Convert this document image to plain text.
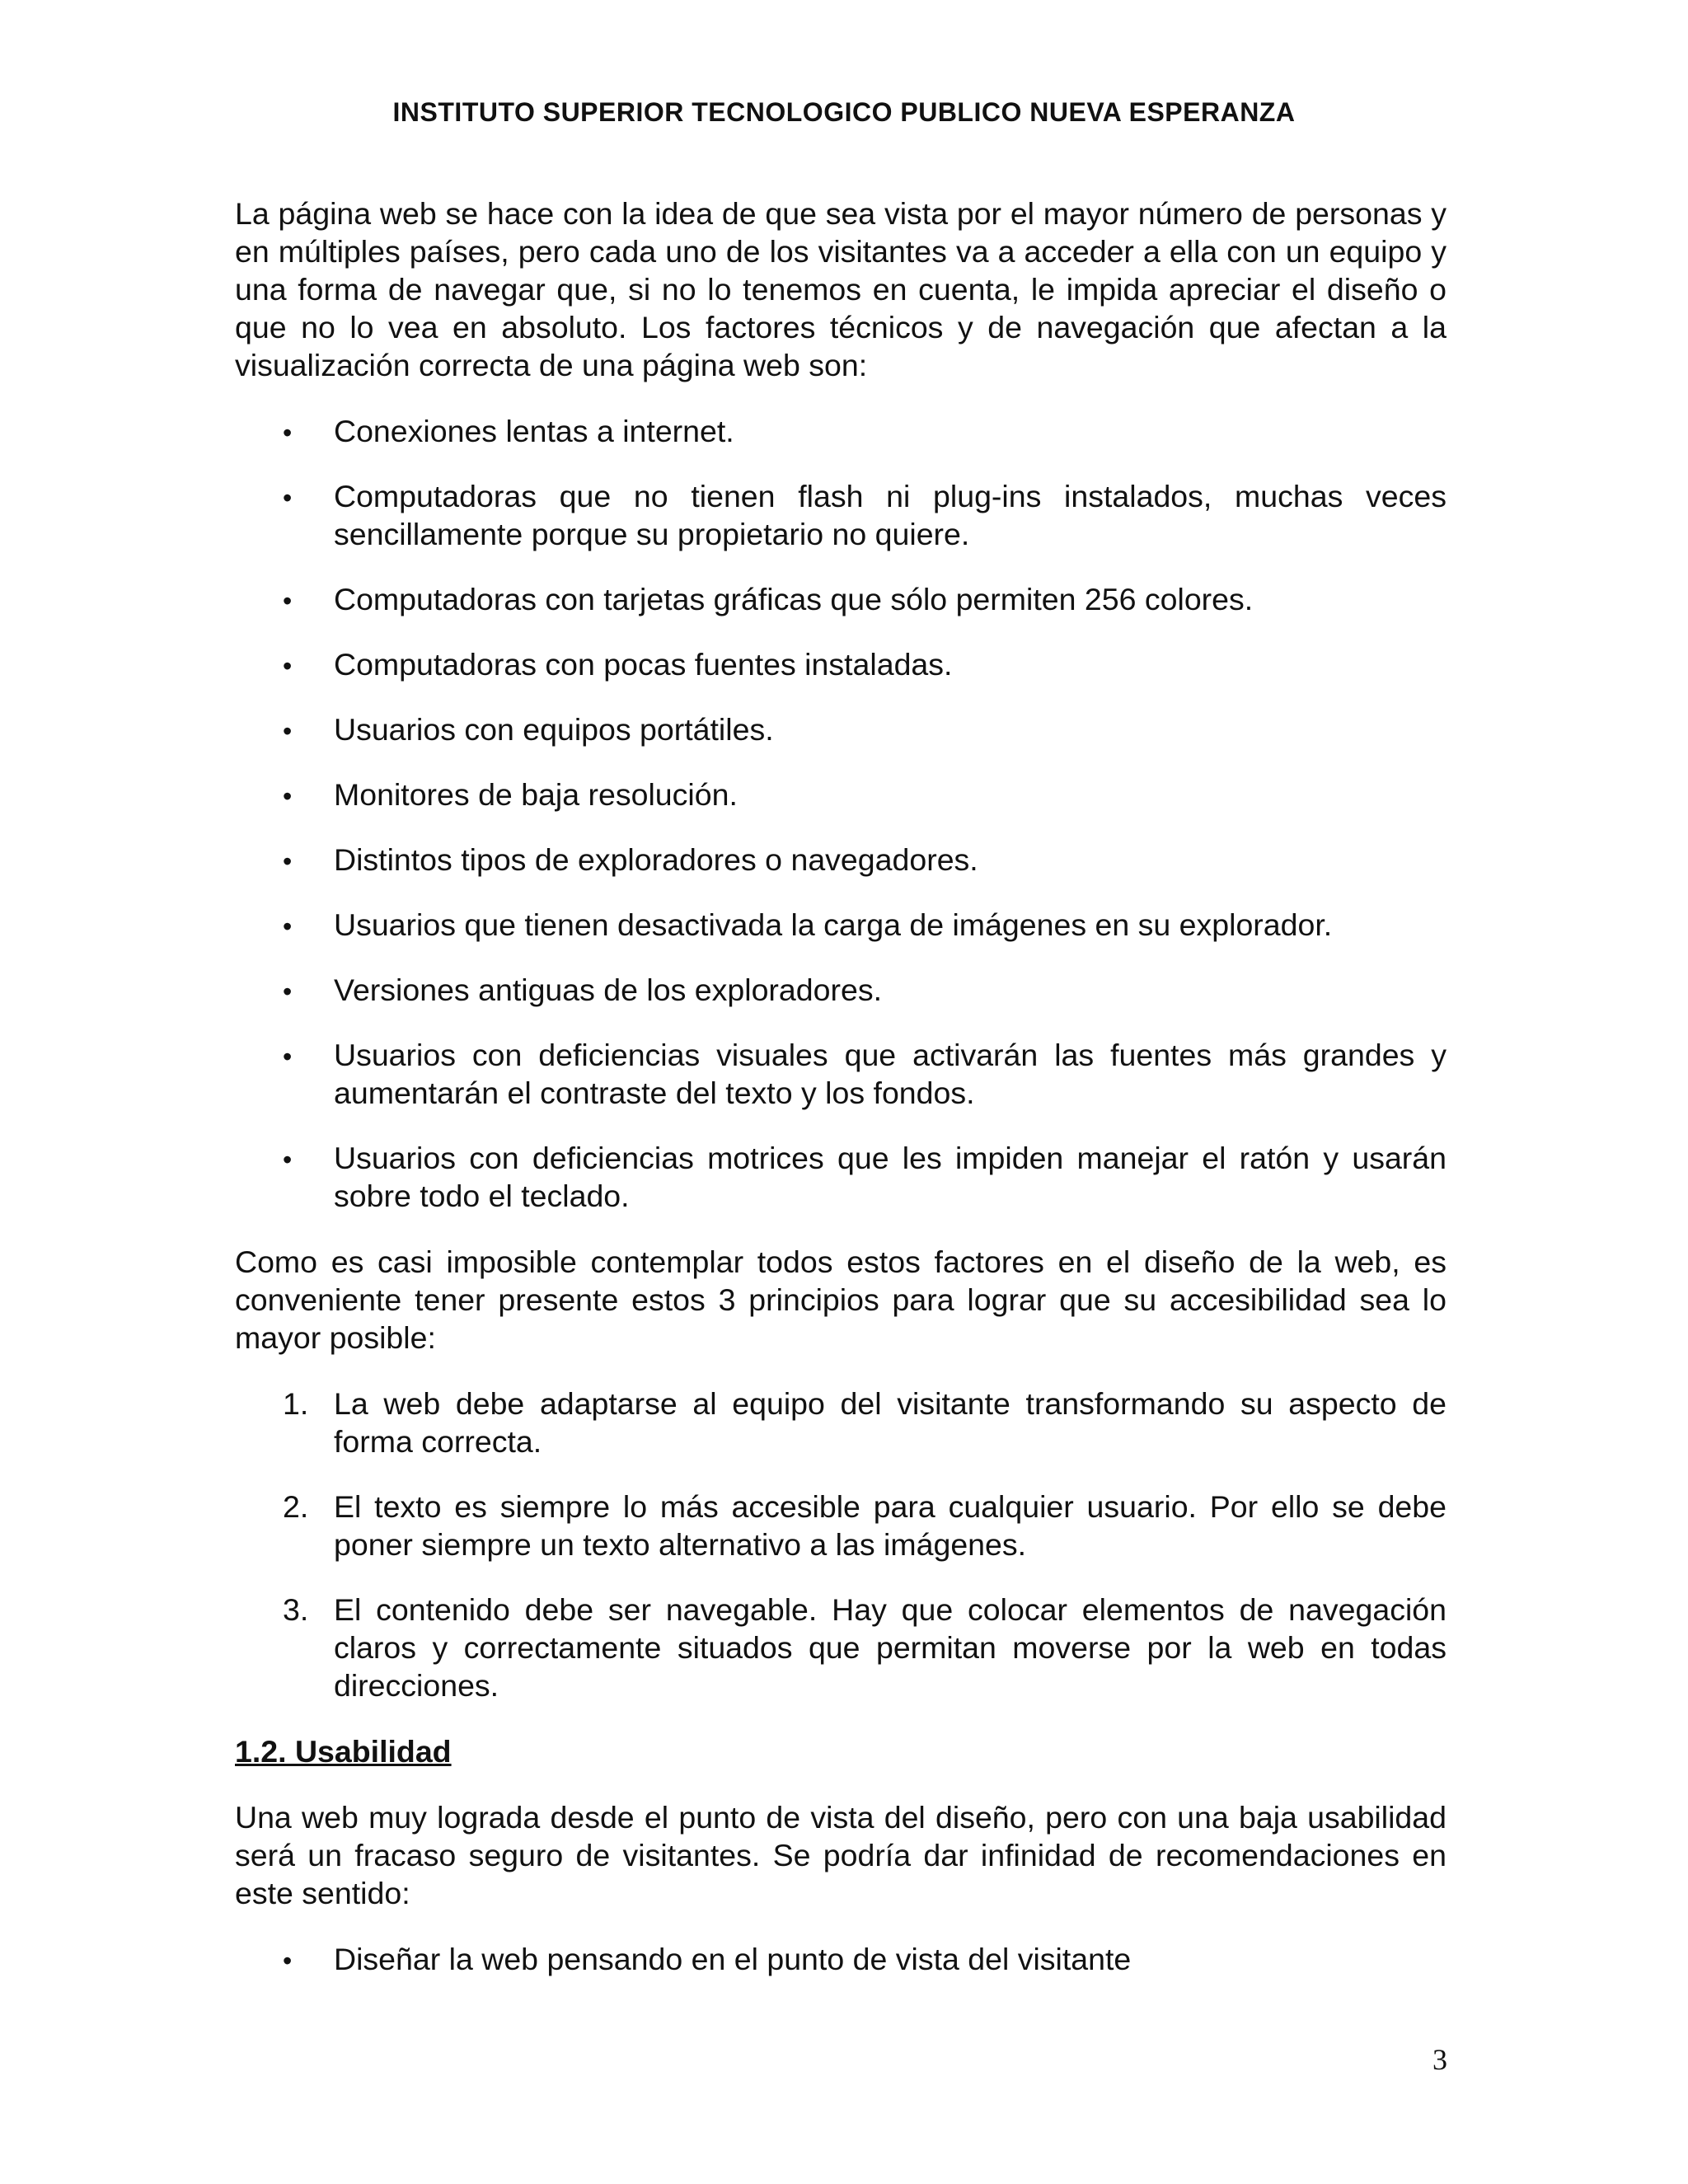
INSTITUTO SUPERIOR TECNOLOGICO PUBLICO NUEVA ESPERANZA

La página web se hace con la idea de que sea vista por el mayor número de personas y en múltiples países, pero cada uno de los visitantes va a acceder a ella con un equipo y una forma de navegar que, si no lo tenemos en cuenta, le impida apreciar el diseño o que no lo vea en absoluto. Los factores técnicos y de navegación que afectan a la visualización correcta de una página web son:

•
Conexiones lentas a internet.
•
Computadoras que no tienen flash ni plug-ins instalados, muchas veces sencillamente porque su propietario no quiere.
•
Computadoras con tarjetas gráficas que sólo permiten 256 colores.
•
Computadoras con pocas fuentes instaladas.
•
Usuarios con equipos portátiles.
•
Monitores de baja resolución.
•
Distintos tipos de exploradores o navegadores.
•
Usuarios que tienen desactivada la carga de imágenes en su explorador.
•
Versiones antiguas de los exploradores.
•
Usuarios con deficiencias visuales que activarán las fuentes más grandes y aumentarán el contraste del texto y los fondos.
•
Usuarios con deficiencias motrices que les impiden manejar el ratón y usarán sobre todo el teclado.

Como es casi imposible contemplar todos estos factores en el diseño de la web, es conveniente tener presente estos 3 principios para lograr que su accesibilidad sea lo mayor posible:

1. La web debe adaptarse al equipo del visitante transformando su aspecto de forma correcta.
2. El texto es siempre lo más accesible para cualquier usuario. Por ello se debe poner siempre un texto alternativo a las imágenes.
3. El contenido debe ser navegable. Hay que colocar elementos de navegación claros y correctamente situados que permitan moverse por la web en todas direcciones.

1.2. Usabilidad

Una web muy lograda desde el punto de vista del diseño, pero con una baja usabilidad será un fracaso seguro de visitantes. Se podría dar infinidad de recomendaciones en este sentido:

•
Diseñar la web pensando en el punto de vista del visitante
3
